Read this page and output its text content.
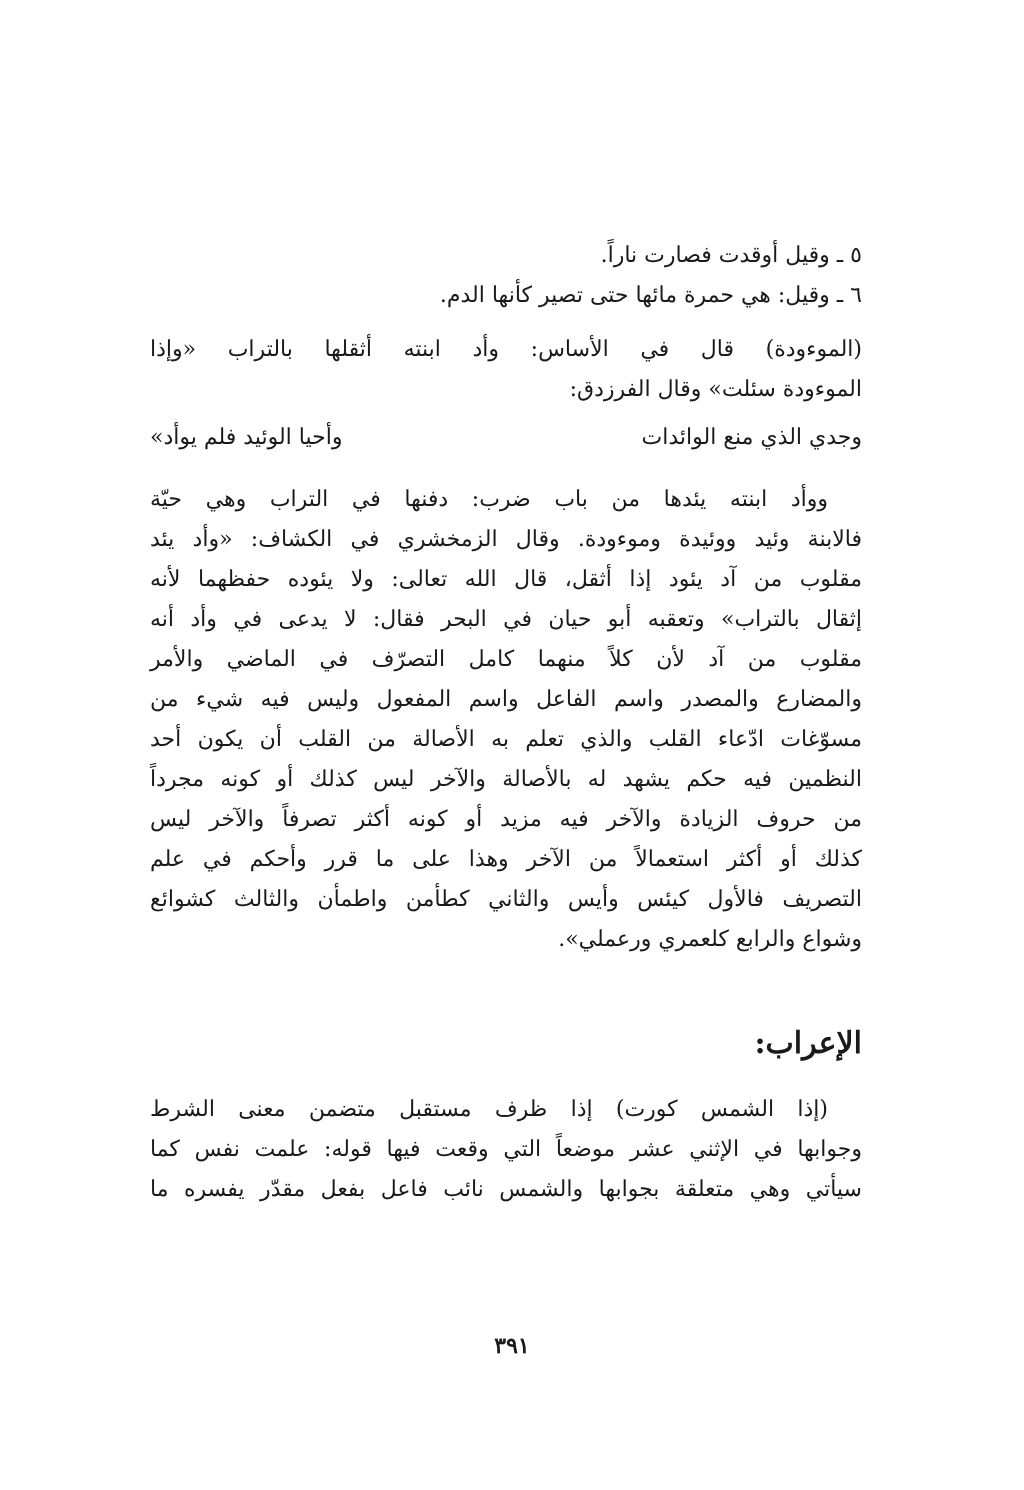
٥ ـ وقيل أوقدت فصارت ناراً.
٦ ـ وقيل: هي حمرة مائها حتى تصير كأنها الدم.
(الموءودة) قال في الأساس: وأد ابنته أثقلها بالتراب «وإذا
الموءودة سئلت» وقال الفرزدق:
وجدي الذي منع الوائدات
وأحيا الوئيد فلم يوأد»
ووأد ابنته يئدها من باب ضرب: دفنها في التراب وهي حيّة
فالابنة وئيد ووئيدة وموءودة. وقال الزمخشري في الكشاف: «وأد يئد
مقلوب من آد يئود إذا أثقل، قال الله تعالى: ولا يئوده حفظهما لأنه
إثقال بالتراب» وتعقبه أبو حيان في البحر فقال: لا يدعى في وأد أنه
مقلوب من آد لأن كلاً منهما كامل التصرّف في الماضي والأمر
والمضارع والمصدر واسم الفاعل واسم المفعول وليس فيه شيء من
مسوّغات ادّعاء القلب والذي تعلم به الأصالة من القلب أن يكون أحد
النظمين فيه حكم يشهد له بالأصالة والآخر ليس كذلك أو كونه مجرداً
من حروف الزيادة والآخر فيه مزيد أو كونه أكثر تصرفاً والآخر ليس
كذلك أو أكثر استعمالاً من الآخر وهذا على ما قرر وأحكم في علم
التصريف فالأول كيئس وأيس والثاني كطأمن واطمأن والثالث كشوائع
وشواع والرابع كلعمري ورعملي».
الإعراب:
(إذا الشمس كورت) إذا ظرف مستقبل متضمن معنى الشرط
وجوابها في الإثني عشر موضعاً التي وقعت فيها قوله: علمت نفس كما
سيأتي وهي متعلقة بجوابها والشمس نائب فاعل بفعل مقدّر يفسره ما
٣٩١
